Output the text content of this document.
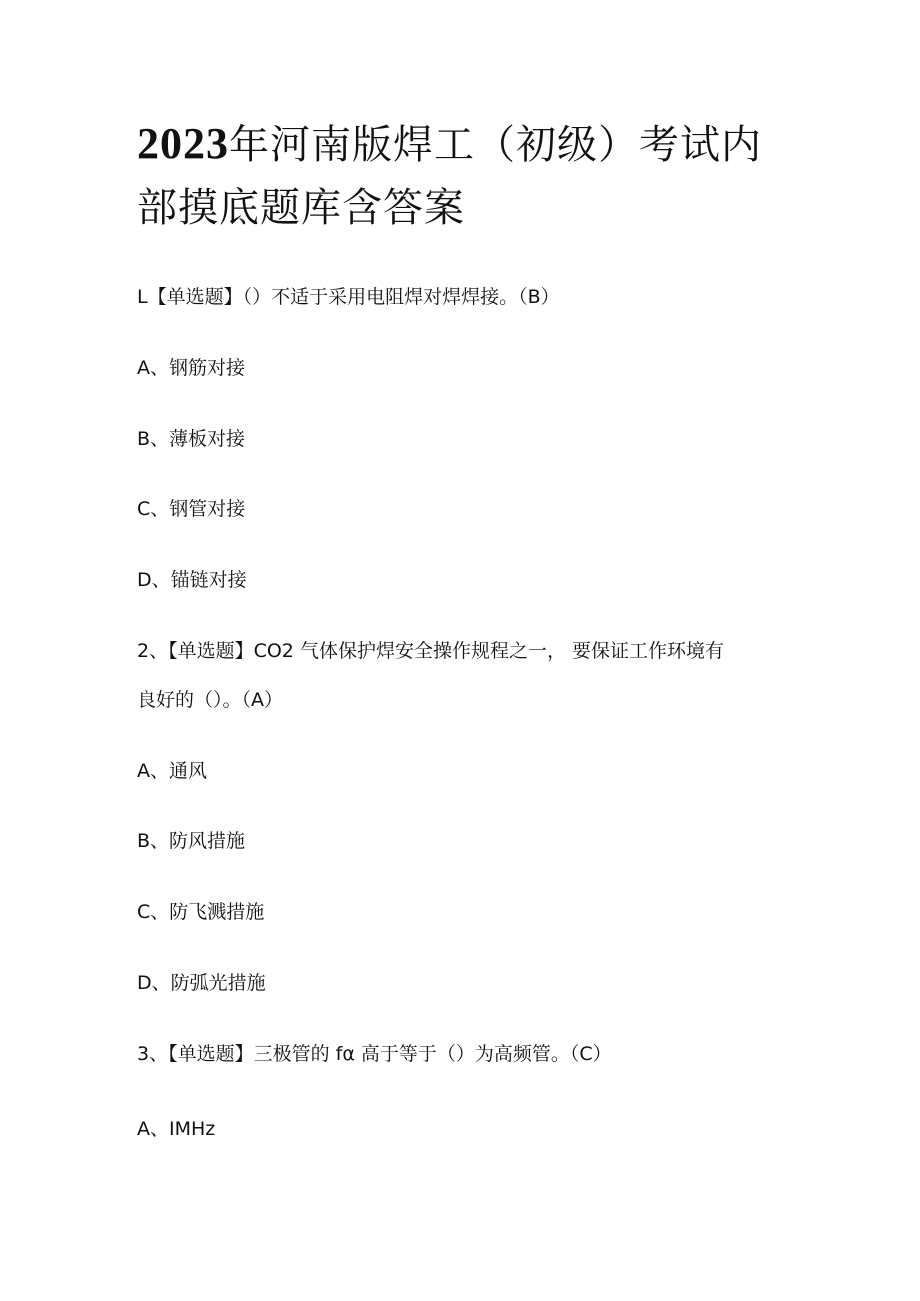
2023年河南版焊工（初级）考试内
部摸底题库含答案

L【单选题】（）不适于采用电阻焊对焊焊接。（B）

A、钢筋对接

B、薄板对接

C、钢管对接

D、锚链对接

2、【单选题】CO2 气体保护焊安全操作规程之一， 要保证工作环境有

良好的（）。（A）

A、通风

B、防风措施

C、防飞溅措施

D、防弧光措施

3、【单选题】三极管的 fα 高于等于（）为高频管。（C）

A、IMHz
